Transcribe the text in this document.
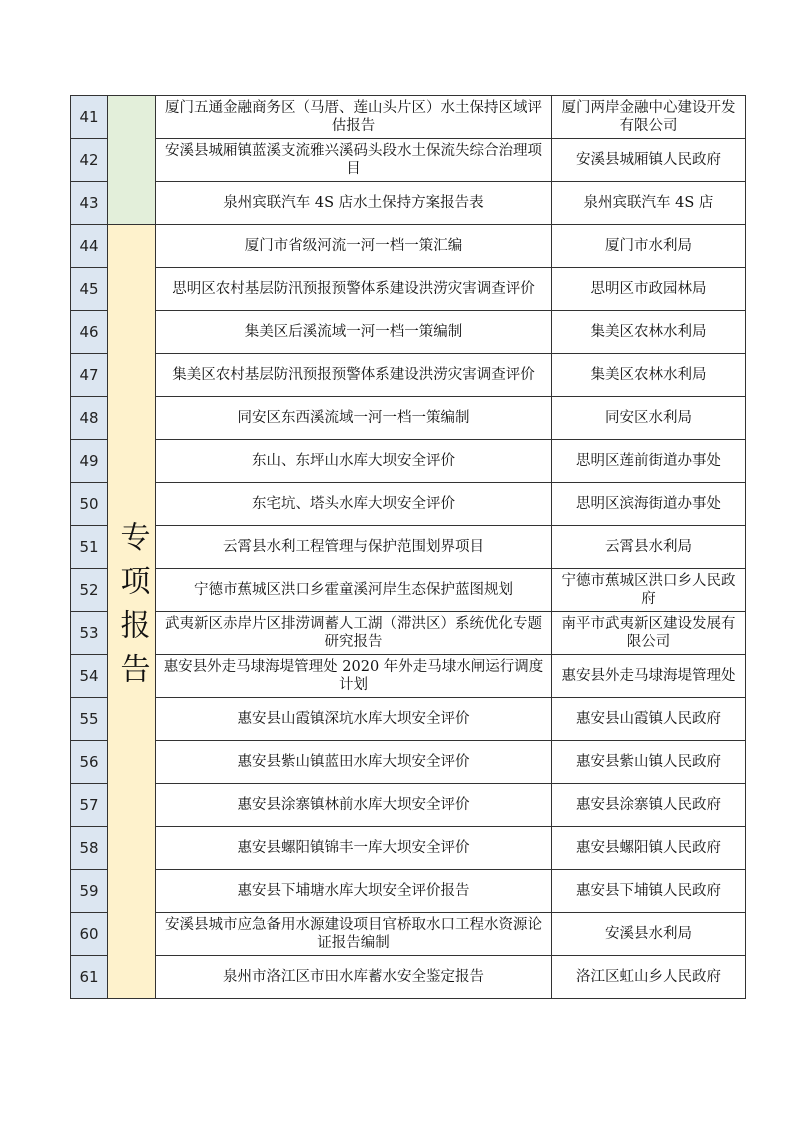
41		厦门五通金融商务区（马厝、莲山头片区）水土保持区域评估报告	厦门两岸金融中心建设开发有限公司
42		安溪县城厢镇蓝溪支流雅兴溪码头段水土保流失综合治理项目	安溪县城厢镇人民政府
43		泉州宾联汽车 4S 店水土保持方案报告表	泉州宾联汽车 4S 店
44	专项报告	厦门市省级河流一河一档一策汇编	厦门市水利局
45		思明区农村基层防汛预报预警体系建设洪涝灾害调查评价	思明区市政园林局
46		集美区后溪流域一河一档一策编制	集美区农林水利局
47		集美区农村基层防汛预报预警体系建设洪涝灾害调查评价	集美区农林水利局
48		同安区东西溪流域一河一档一策编制	同安区水利局
49		东山、东坪山水库大坝安全评价	思明区莲前街道办事处
50		东宅坑、塔头水库大坝安全评价	思明区滨海街道办事处
51		云霄县水利工程管理与保护范围划界项目	云霄县水利局
52		宁德市蕉城区洪口乡霍童溪河岸生态保护蓝图规划	宁德市蕉城区洪口乡人民政府
53		武夷新区赤岸片区排涝调蓄人工湖（滞洪区）系统优化专题研究报告	南平市武夷新区建设发展有限公司
54		惠安县外走马埭海堤管理处 2020 年外走马埭水闸运行调度计划	惠安县外走马埭海堤管理处
55		惠安县山霞镇深坑水库大坝安全评价	惠安县山霞镇人民政府
56		惠安县紫山镇蓝田水库大坝安全评价	惠安县紫山镇人民政府
57		惠安县涂寨镇林前水库大坝安全评价	惠安县涂寨镇人民政府
58		惠安县螺阳镇锦丰一库大坝安全评价	惠安县螺阳镇人民政府
59		惠安县下埔塘水库大坝安全评价报告	惠安县下埔镇人民政府
60		安溪县城市应急备用水源建设项目官桥取水口工程水资源论证报告编制	安溪县水利局
61		泉州市洛江区市田水库蓄水安全鉴定报告	洛江区虹山乡人民政府
